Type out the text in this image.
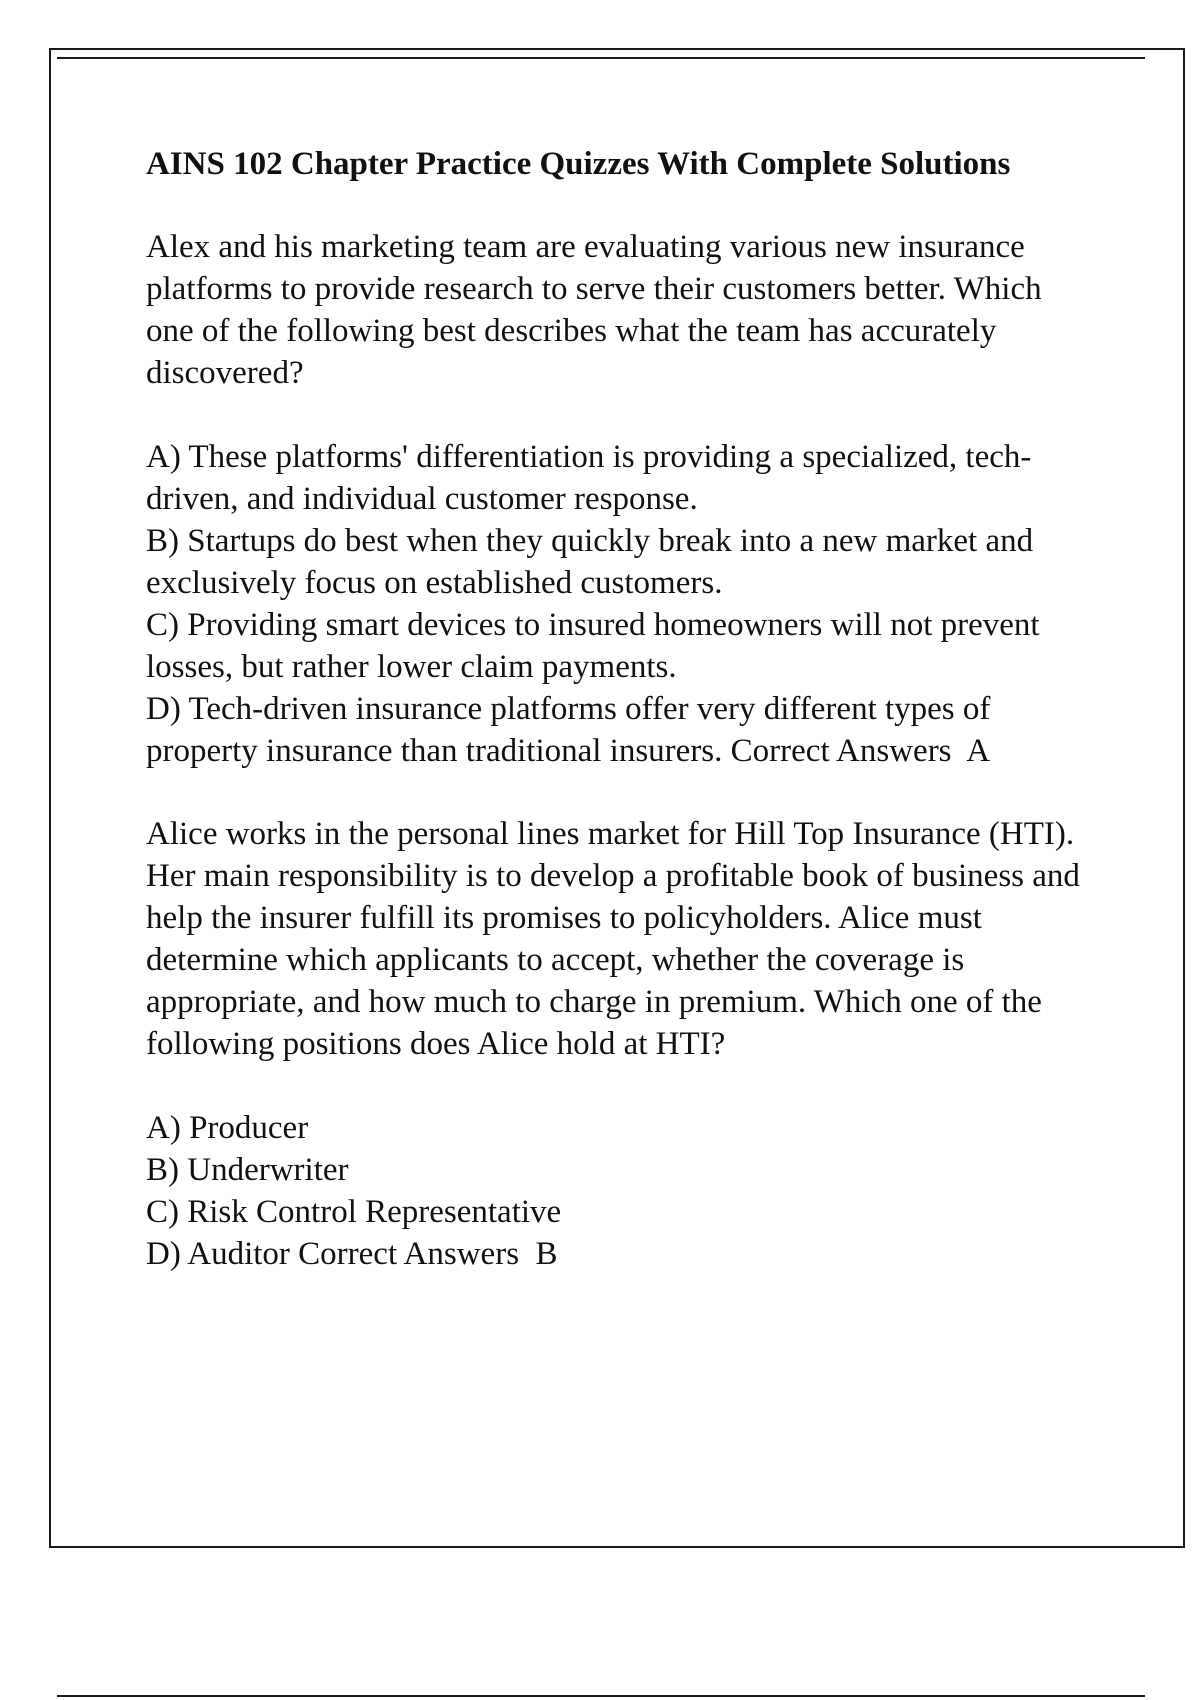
AINS 102 Chapter Practice Quizzes With Complete Solutions

Alex and his marketing team are evaluating various new insurance platforms to provide research to serve their customers better. Which one of the following best describes what the team has accurately discovered?

A) These platforms' differentiation is providing a specialized, tech-driven, and individual customer response.
B) Startups do best when they quickly break into a new market and exclusively focus on established customers.
C) Providing smart devices to insured homeowners will not prevent losses, but rather lower claim payments.
D) Tech-driven insurance platforms offer very different types of property insurance than traditional insurers. Correct Answers A

Alice works in the personal lines market for Hill Top Insurance (HTI). Her main responsibility is to develop a profitable book of business and help the insurer fulfill its promises to policyholders. Alice must determine which applicants to accept, whether the coverage is appropriate, and how much to charge in premium. Which one of the following positions does Alice hold at HTI?

A) Producer
B) Underwriter
C) Risk Control Representative
D) Auditor Correct Answers B
